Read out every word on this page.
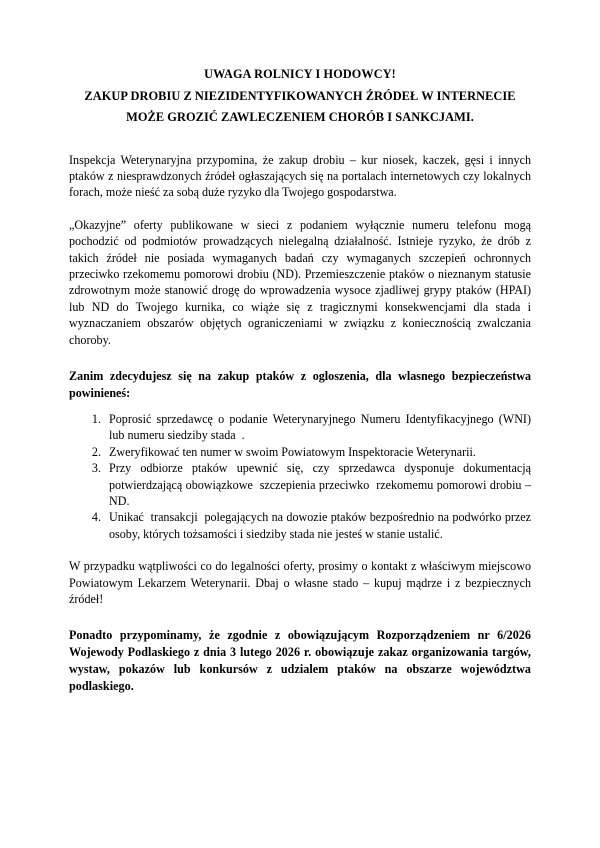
UWAGA ROLNICY I HODOWCY!
ZAKUP DROBIU Z NIEZIDENTYFIKOWANYCH ŹRÓDEŁ W INTERNECIE
MOŻE GROZIĆ ZAWLECZENIEM CHORÓB I SANKCJAMI.

Inspekcja Weterynaryjna przypomina, że zakup drobiu – kur niosek, kaczek, gęsi i innych ptaków z niesprawdzonych źródeł ogłaszających się na portalach internetowych czy lokalnych forach, może nieść za sobą duże ryzyko dla Twojego gospodarstwa.

„Okazyjne” oferty publikowane w sieci z podaniem wyłącznie numeru telefonu mogą pochodzić od podmiotów prowadzących nielegalną działalność. Istnieje ryzyko, że drób z takich źródeł nie posiada wymaganych badań czy wymaganych szczepień ochronnych przeciwko rzekomemu pomorowi drobiu (ND). Przemieszczenie ptaków o nieznanym statusie zdrowotnym może stanowić drogę do wprowadzenia wysoce zjadliwej grypy ptaków (HPAI) lub ND do Twojego kurnika, co wiąże się z tragicznymi konsekwencjami dla stada i wyznaczaniem obszarów objętych ograniczeniami w związku z koniecznością zwalczania choroby.

Zanim zdecydujesz się na zakup ptaków z ogloszenia, dla wlasnego bezpieczeństwa powinieneś:

1. Poprosić sprzedawcę o podanie Weterynaryjnego Numeru Identyfikacyjnego (WNI) lub numeru siedziby stada  .
2. Zweryfikować ten numer w swoim Powiatowym Inspektoracie Weterynarii.
3. Przy odbiorze ptaków upewnić się, czy sprzedawca dysponuje dokumentacją potwierdzającą obowiązkowe  szczepienia przeciwko  rzekomemu pomorowi drobiu – ND.
4. Unikać  transakcji  polegających na dowozie ptaków bezpośrednio na podwórko przez osoby, których tożsamości i siedziby stada nie jesteś w stanie ustalić.

W przypadku wątpliwości co do legalności oferty, prosimy o kontakt z właściwym miejscowo Powiatowym Lekarzem Weterynarii. Dbaj o własne stado – kupuj mądrze i z bezpiecznych źródeł!

Ponadto przypominamy, że zgodnie z obowiązującym Rozporządzeniem nr 6/2026 Wojewody Podlaskiego z dnia 3 lutego 2026 r. obowiązuje zakaz organizowania targów, wystaw, pokazów lub konkursów z udzialem ptaków na obszarze województwa podlaskiego.
